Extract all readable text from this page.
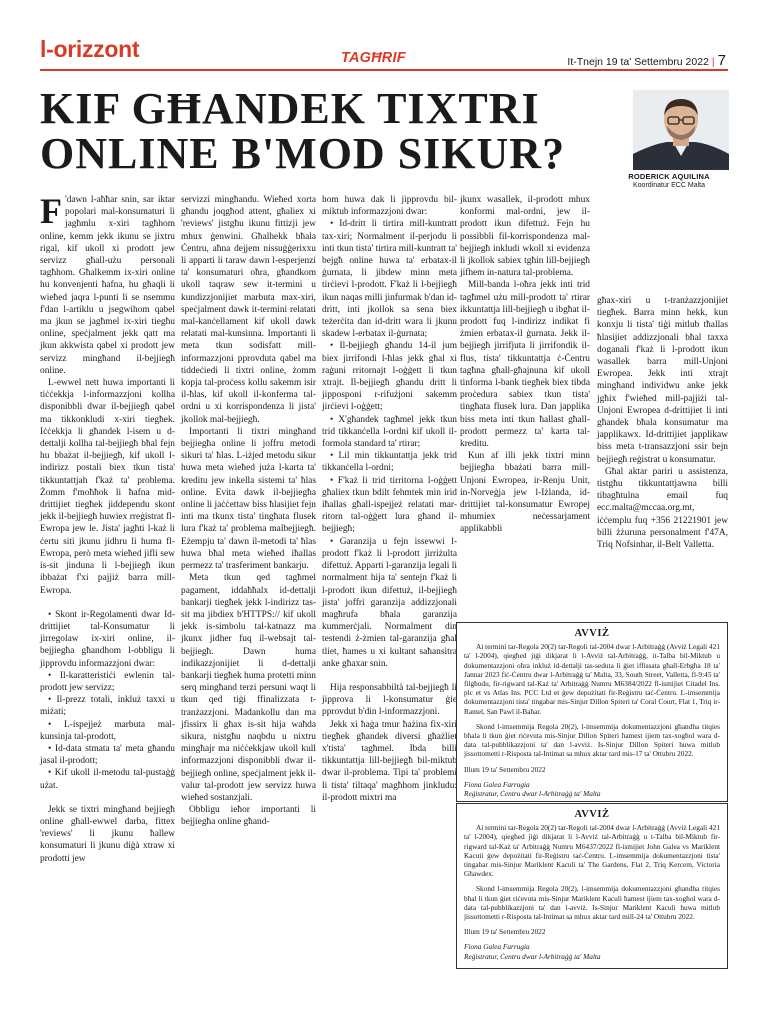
l-orizzont	TAGĦRIF	It-Tnejn 19 ta' Settembru 2022 | 7
KIF GĦANDEK TIXTRI
ONLINE B'MOD SIKUR?	RODERICK AQUILINA
Koordinatur ECC Malta

F 'dawn l-aħħar snin, sar iktar popolari mal-konsumaturi li jagħmlu x-xiri tagħhom online, kemm jekk ikunu se jixtru rigal, kif ukoll xi prodott jew servizz għall-użu personali tagħhom. Għalkemm ix-xiri online hu konvenjenti ħafna, hu għaqli li wieħed jaqra l-punti li se nsemmu f'dan l-artiklu u jsegwihom qabel ma jkun se jagħmel ix-xiri tiegħu online, speċjalment jekk qatt ma jkun akkwista qabel xi prodott jew servizz mingħand il-bejjiegħ online.

L-ewwel nett huwa importanti li tiċċekkja l-informazzjoni kollha disponibbli dwar il-bejjiegħ qabel ma tikkonkludi x-xiri tiegħek. Iċċekkja li għandek l-isem u d-dettalji kollha tal-bejjiegħ bħal fejn hu bbażat il-bejjiegħ, kif ukoll l-indirizz postali biex tkun tista' tikkuntattjah f'każ ta' problema. Żomm f'moħħok li ħafna mid-drittijiet tiegħek jiddependu skont jekk il-bejjiegħ huwiex rreġistrat fl-Ewropa jew le. Jista' jagħti l-każ li ċertu siti jkunu jidhru li huma fl-Ewropa, però meta wieħed jifli sew is-sit jinduna li l-bejjiegħ ikun ibbażat f'xi pajjiż barra mill-Ewropa.

• Skont ir-Regolamenti dwar Id-drittijiet tal-Konsumatur li jirregolaw ix-xiri online, il-bejjiegħa għandhom l-obbligu li jipprovdu informazzjoni dwar:

• Il-karatteristiċi ewlenin tal-prodott jew servizz;

• Il-prezz totali, inkluż taxxi u miżati;

• L-ispejjeż marbuta mal-kunsinja tal-prodott,

• Id-data stmata ta' meta għandu jasal il-prodott;

• Kif ukoll il-metodu tal-pustaġġ użat.

Jekk se tixtri mingħand bejjiegħ online għall-ewwel darba, fittex 'reviews' li jkunu ħallew konsumaturi li jkunu diġà xtraw xi prodotti jew

servizzi mingħandu. Wieħed xorta għandu joqgħod attent, għaliex xi 'reviews' jistgħu ikunu fittizji jew mhux ġenwini. Għalhekk bħala Ċentru, aħna dejjem nissuġġerixxu li apparti li taraw dawn l-esperjenzi ta' konsumaturi oħra, għandkom ukoll taqraw sew it-termini u kundizzjonijiet marbuta max-xiri, speċjalment dawk it-termini relatati mal-kanċellament kif ukoll dawk relatati mal-kunsinna. Importanti li meta tkun sodisfatt mill-informazzjoni pprovduta qabel ma tiddeċiedi li tixtri online, żomm kopja tal-proċess kollu sakemm isir il-ħlas, kif ukoll il-konferma tal-ordni u xi korrispondenza li jista' jkollok mal-bejjiegħ.

Importanti li tixtri mingħand bejjiegħa online li joffru metodi sikuri ta' ħlas. L-iżjed metodu sikur huwa meta wieħed juża l-karta ta' kreditu jew inkella sistemi ta' ħlas online. Evita dawk il-bejjiegħa online li jaċċettaw biss ħlasijiet fejn inti ma tkunx tista' tingħata flusek lura f'każ ta' problema malbejjiegħ. Eżempju ta' dawn il-metodi ta' ħlas huwa bħal meta wieħed iħallas permezz ta' trasferiment bankarju.

Meta tkun qed tagħmel pagament, iddaħħalx id-dettalji bankarji tiegħek jekk l-indirizz tas-sit ma jibdiex b'HTTPS:// kif ukoll jekk is-simbolu tal-katnazz ma jkunx jidher fuq il-websajt tal-bejjiegħ. Dawn huma indikazzjonijiet li d-dettalji bankarji tiegħek huma protetti minn serq mingħand terzi persuni waqt li tkun qed tiġi ffinalizzata t-tranżazzjoni. Madankollu dan ma jfissirx li għax is-sit hija waħda sikura, nistgħu naqbdu u nixtru mingħajr ma niċċekkjaw ukoll kull informazzjoni disponibbli dwar il-bejjiegħ online, speċjalment jekk il-valur tal-prodott jew servizz huwa wieħed sostanzjali.

Obbligu ieħor importanti li bejjiegħa online għand-

hom huwa dak li jipprovdu bil-miktub informazzjoni dwar:

• Id-dritt li tirtira mill-kuntratt tax-xiri; Normalment il-perjodu li inti tkun tista' tirtira mill-kuntratt ta' bejgħ online huwa ta' erbatax-il ġurnata, li jibdew minn meta tirċievi l-prodott. F'każ li l-bejjiegħ ikun naqas milli jinfurmak b'dan id-dritt, inti jkollok sa sena biex teżerċita dan id-dritt wara li jkunu skadew l-erbatax il-ġurnata;

• Il-bejjiegħ għandu 14-il jum biex jirrifondi l-ħlas jekk għal xi raġuni rritornajt l-oġġett li tkun xtrajt. Il-bejjiegħ għandu dritt li jipposponi r-rifużjoni sakemm jirċievi l-oġġett;

• X'għandek tagħmel jekk tkun trid tikkanċella l-ordni kif ukoll il-formola standard ta' rtirar;

• Lil min tikkuntattja jekk trid tikkanċella l-ordni;

• F'każ li trid tirritorna l-oġġett għaliex tkun bdilt fehmtek min irid iħallas għall-ispejjeż relatati mar-ritorn tal-oġġett lura għand il-bejjiegħ;

• Garanzija u fejn issewwi l-prodott f'każ li l-prodott jirriżulta difettuż. Apparti l-garanzija legali li normalment hija ta' sentejn f'każ li l-prodott ikun difettuż, il-bejjiegħ jista' joffri garanzija addizzjonali magħrufa bħala garanzija kummerċjali. Normalment din testendi ż-żmien tal-garanzija għal tliet, ħames u xi kultant saħansitra anke għaxar snin.

Hija responsabbiltà tal-bejjiegħ li jipprova li l-konsumatur ġie pprovdut b'din l-informazzjoni.

Jekk xi ħaġa tmur ħażina fix-xiri tiegħek għandek diversi għażliet x'tista' tagħmel. Ibda billi tikkuntattja lill-bejjiegħ bil-miktub dwar il-problema. Tipi ta' problemi li tista' tiltaqa' magħhom jinkludu: il-prodott mixtri ma

jkunx wasallek, il-prodott mhux konformi mal-ordni, jew il-prodott ikun difettuż. Fejn hu possibbli fil-korrispondenza mal-bejjiegħ inkludi wkoll xi evidenza li jkollok sabiex tgħin lill-bejjiegħ jifhem in-natura tal-problema.

Mill-banda l-oħra jekk inti trid tagħmel użu mill-prodott ta' rtirar ikkuntattja lill-bejjiegħ u ibgħat il-prodott fuq l-indirizz indikat fi żmien erbatax-il ġurnata. Jekk il-bejjiegħ jirrifjuta li jirrifondik il-flus, tista' tikkuntattja ċ-Ċentru tagħna għall-għajnuna kif ukoll tinforma l-bank tiegħek biex tibda proċedura sabiex tkun tista' tingħata flusek lura. Dan japplika biss meta inti tkun ħallast għall-prodott permezz ta' karta tal-kreditu.

Kun af illi jekk tixtri minn bejjiegħa bbażati barra mill-Unjoni Ewropea, ir-Renju Unit, in-Norveġja jew l-Iżlanda, id-drittijiet tal-konsumatur Ewropej mhumiex neċessarjament applikabbli

għax-xiri u t-tranżazzjonijiet tiegħek. Barra minn hekk, kun konxju li tista' tiġi mitlub tħallas ħlasijiet addizzjonali bħal taxxa doganali f'każ li l-prodott ikun wasallek barra mill-Unjoni Ewropea. Jekk inti xtrajt mingħand individwu anke jekk jgħix f'wieħed mill-pajjiżi tal-Unjoni Ewropea d-drittijiet li inti għandek bħala konsumatur ma japplikawx. Id-drittijiet japplikaw biss meta t-transazzjoni ssir bejn bejjiegħ reġistrat u konsumatur.

Għal aktar pariri u assistenza, tistgħu tikkuntattjawna billi tibagħtulna email fuq ecc.malta@mccaa.org.mt, iċċemplu fuq +356 21221901 jew billi żżuruna personalment f'47A, Triq Nofsinhar, il-Belt Valletta.

AVVIŻ

Ai termini tar-Regola 20(2) tar-Regoli tal-2004 dwar l-Arbitraġġ (Avviż Legali 421 ta' l-2004), qiegħed jiġi dikjarat li l-Avviż tal-Arbitraġġ, it-Talba bil-Miktub u dokumentazzjoni oħra inkluż id-dettalji tas-seduta li ġiet iffissata għall-Erbgħa 18 ta' Jannar 2023 fiċ-Ċentru dwar l-Arbitraġġ ta' Malta, 33, South Street, Valletta, fl-9:45 ta' filgħodu, fir-rigward tal-Każ ta' Arbitraġġ Numru M6384/2022 fl-ismijiet Citadel Ins. plc et vs Atlas Ins. PCC Ltd et ġew depożitati fir-Reġistru taċ-Ċentru. L-imsemmija dokumentazzjoni tista' tingabar mis-Sinjur Dillon Spiteri ta' Coral Court, Flat 1, Triq ir-Ramel, San Pawl il-Baħar.

Skond l-imsemmija Regola 20(2), l-imsemmija dokumentazzjoni għandha titqies bħala li tkun ġiet riċevuta mis-Sinjur Dillon Spiteri ħamest ijiem tax-xogħol wara d-data tal-pubblikazzjoni ta' dan l-avviż. Is-Sinjur Dillon Spiteri huwa mitlub jissottometti r-Risposta tal-Intimat sa mhux aktar tard mis-17 ta' Ottubru 2022.

Illum 19 ta' Settembru 2022

Fiona Galea Farrugia

Reġistratur, Ċentru dwar l-Arbitraġġ ta' Malta

AVVIŻ

Ai termini tar-Regola 20(2) tar-Regoli tal-2004 dwar l-Arbitraġġ (Avviż Legali 421 ta' l-2004), qiegħed jiġi dikjarat li l-Avviż tal-Arbitraġġ u t-Talba bil-Miktub fir-rigward tal-Każ ta' Arbitraġġ Numru M6437/2022 fl-ismijiet John Galea vs Mariklent Kacuii ġew depożitati fir-Reġistru taċ-Ċentru. L-imsemmija dokumentazzjoni tista' tingabar mis-Sinjur Mariklent Kaculi ta' The Gardens, Flat 2, Triq Kercem, Victoria Għawdex.

Skond l-imsemmija Regola 20(2), l-imsemmija dokumentazzjoni għandha titqies bħal li tkun ġiet riċevuta mis-Sinjur Mariklent Kaculi ħamest ijiem tax-xogħol wara d-data tal-pubblikazzjoni ta' dan l-avviż. Is-Sinjur Mariklent Kaculi huwa mitlub jissottometti r-Risposta tal-Intimat sa mhux aktar tard mill-24 ta' Ottubru 2022.

Illum 19 ta' Settembru 2022

Fiona Galea Farrugia

Reġistratur, Ċentru dwar l-Arbitraġġ ta' Malta
